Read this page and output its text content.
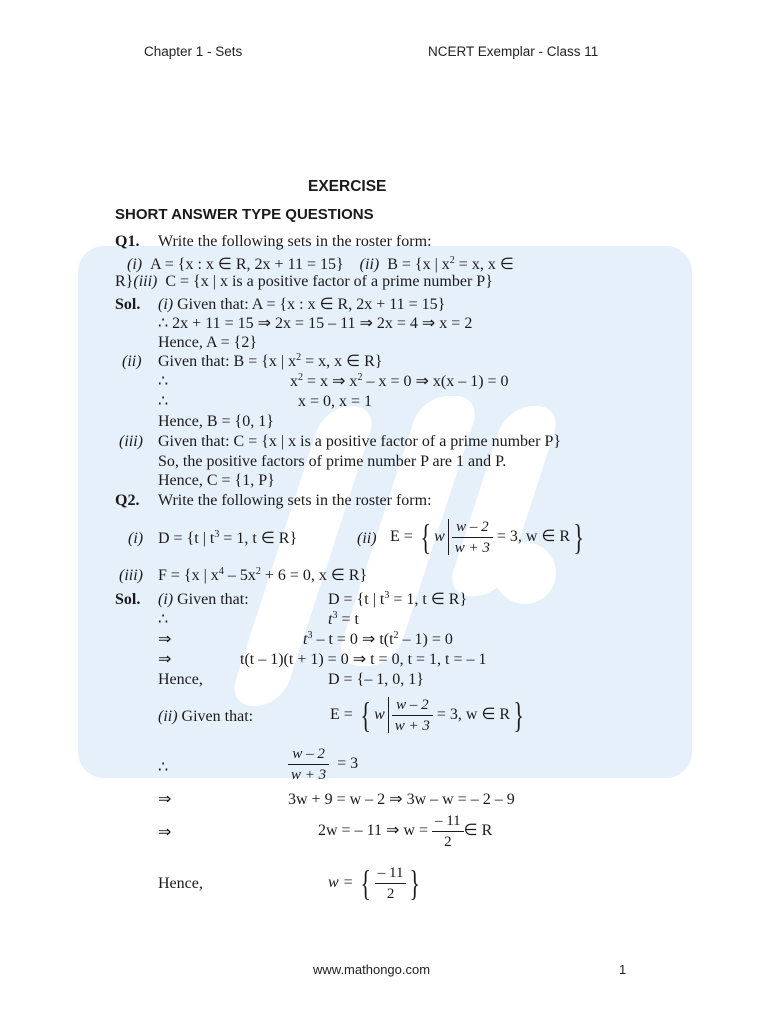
Chapter 1 - Sets	NCERT Exemplar - Class 11
EXERCISE
SHORT ANSWER TYPE QUESTIONS
Q1. Write the following sets in the roster form:
(i) A = {x : x ∈ R, 2x + 11 = 15} (ii) B = {x | $x^2 = x$, x ∈
R}(iii) C = {x | x is a positive factor of a prime number P}
Sol. (i) Given that: A = {x : x ∈ R, 2x + 11 = 15}
∴ 2x + 11 = 15 ⇒ 2x = 15 – 11 ⇒ 2x = 4 ⇒ x = 2
Hence, A = {2}
(ii) Given that: B = {x | $x^2 = x$, x ∈ R}
∴	$x^2 = x$ ⇒ $x^2 - x = 0$ ⇒ x(x – 1) = 0
∴	x = 0, x = 1
Hence, B = {0, 1}
(iii) Given that: C = {x | x is a positive factor of a prime number P}
So, the positive factors of prime number P are 1 and P.
Hence, C = {1, P}
Q2. Write the following sets in the roster form:
(i) D = {t | $t^3 = 1$, t ∈ R}	(ii) E =
{ w $\frac{w - 2}{w + 3}$
= 3, w ∈ R }
(iii) F = {x | $x^4 - 5x^2 + 6 = 0$, x ∈ R}
Sol. (i) Given that:	D = {t | $t^3 = 1$, t ∈ R}
∴	$t^3 = t$
⇒	$t^3 - t = 0$ ⇒ $t(t^2 - 1) = 0$
⇒	t(t – 1)(t + 1) = 0 ⇒ t = 0, t = 1, t = – 1
Hence,	D = {– 1, 0, 1}
(ii) Given that:	E =
{ w $\frac{w - 2}{w + 3}$
= 3, w ∈ R }
∴	$\frac{w - 2}{w + 3}$
= 3
⇒	3w + 9 = w – 2 ⇒ 3w – w = – 2 – 9
⇒	2w = – 11 ⇒ w =
$\frac{- 11}{2}$ ∈ R
Hence,	w =
{ $\frac{- 11}{2}$ }
www.mathongo.com	1
